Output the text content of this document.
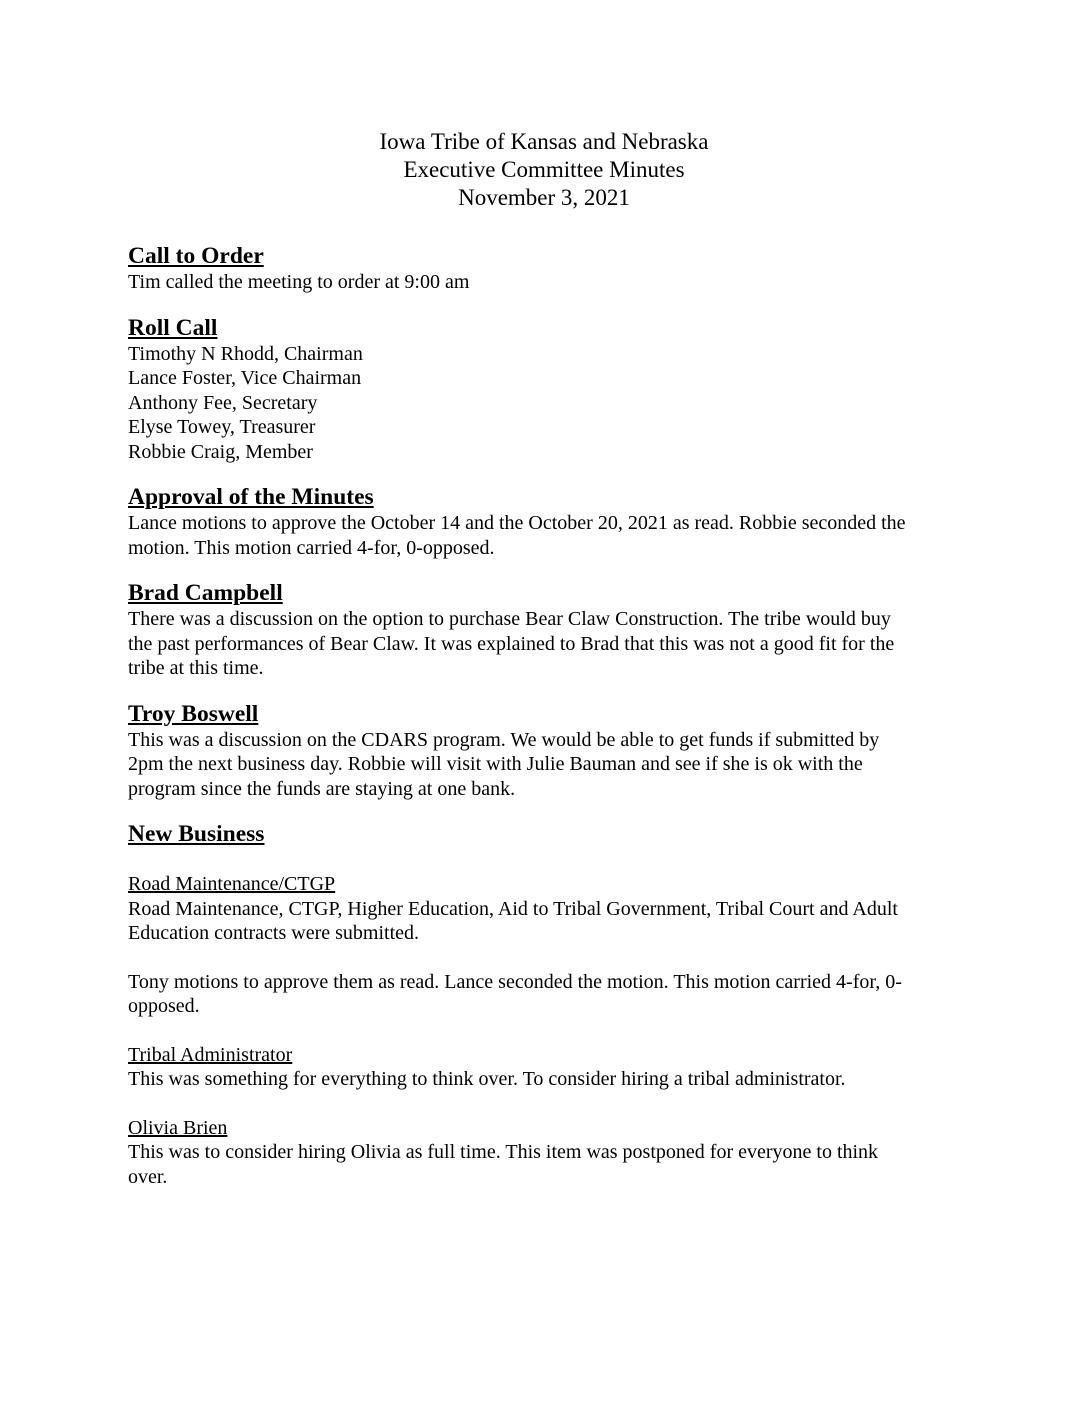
Iowa Tribe of Kansas and Nebraska
Executive Committee Minutes
November 3, 2021
Call to Order
Tim called the meeting to order at 9:00 am
Roll Call
Timothy N Rhodd, Chairman
Lance Foster, Vice Chairman
Anthony Fee, Secretary
Elyse Towey, Treasurer
Robbie Craig, Member
Approval of the Minutes
Lance motions to approve the October 14 and the October 20, 2021 as read. Robbie seconded the
motion. This motion carried 4-for, 0-opposed.
Brad Campbell
There was a discussion on the option to purchase Bear Claw Construction. The tribe would buy
the past performances of Bear Claw. It was explained to Brad that this was not a good fit for the
tribe at this time.
Troy Boswell
This was a discussion on the CDARS program. We would be able to get funds if submitted by
2pm the next business day. Robbie will visit with Julie Bauman and see if she is ok with the
program since the funds are staying at one bank.
New Business
Road Maintenance/CTGP
Road Maintenance, CTGP, Higher Education, Aid to Tribal Government, Tribal Court and Adult
Education contracts were submitted.
Tony motions to approve them as read. Lance seconded the motion. This motion carried 4-for, 0-
opposed.
Tribal Administrator
This was something for everything to think over. To consider hiring a tribal administrator.
Olivia Brien
This was to consider hiring Olivia as full time. This item was postponed for everyone to think
over.
